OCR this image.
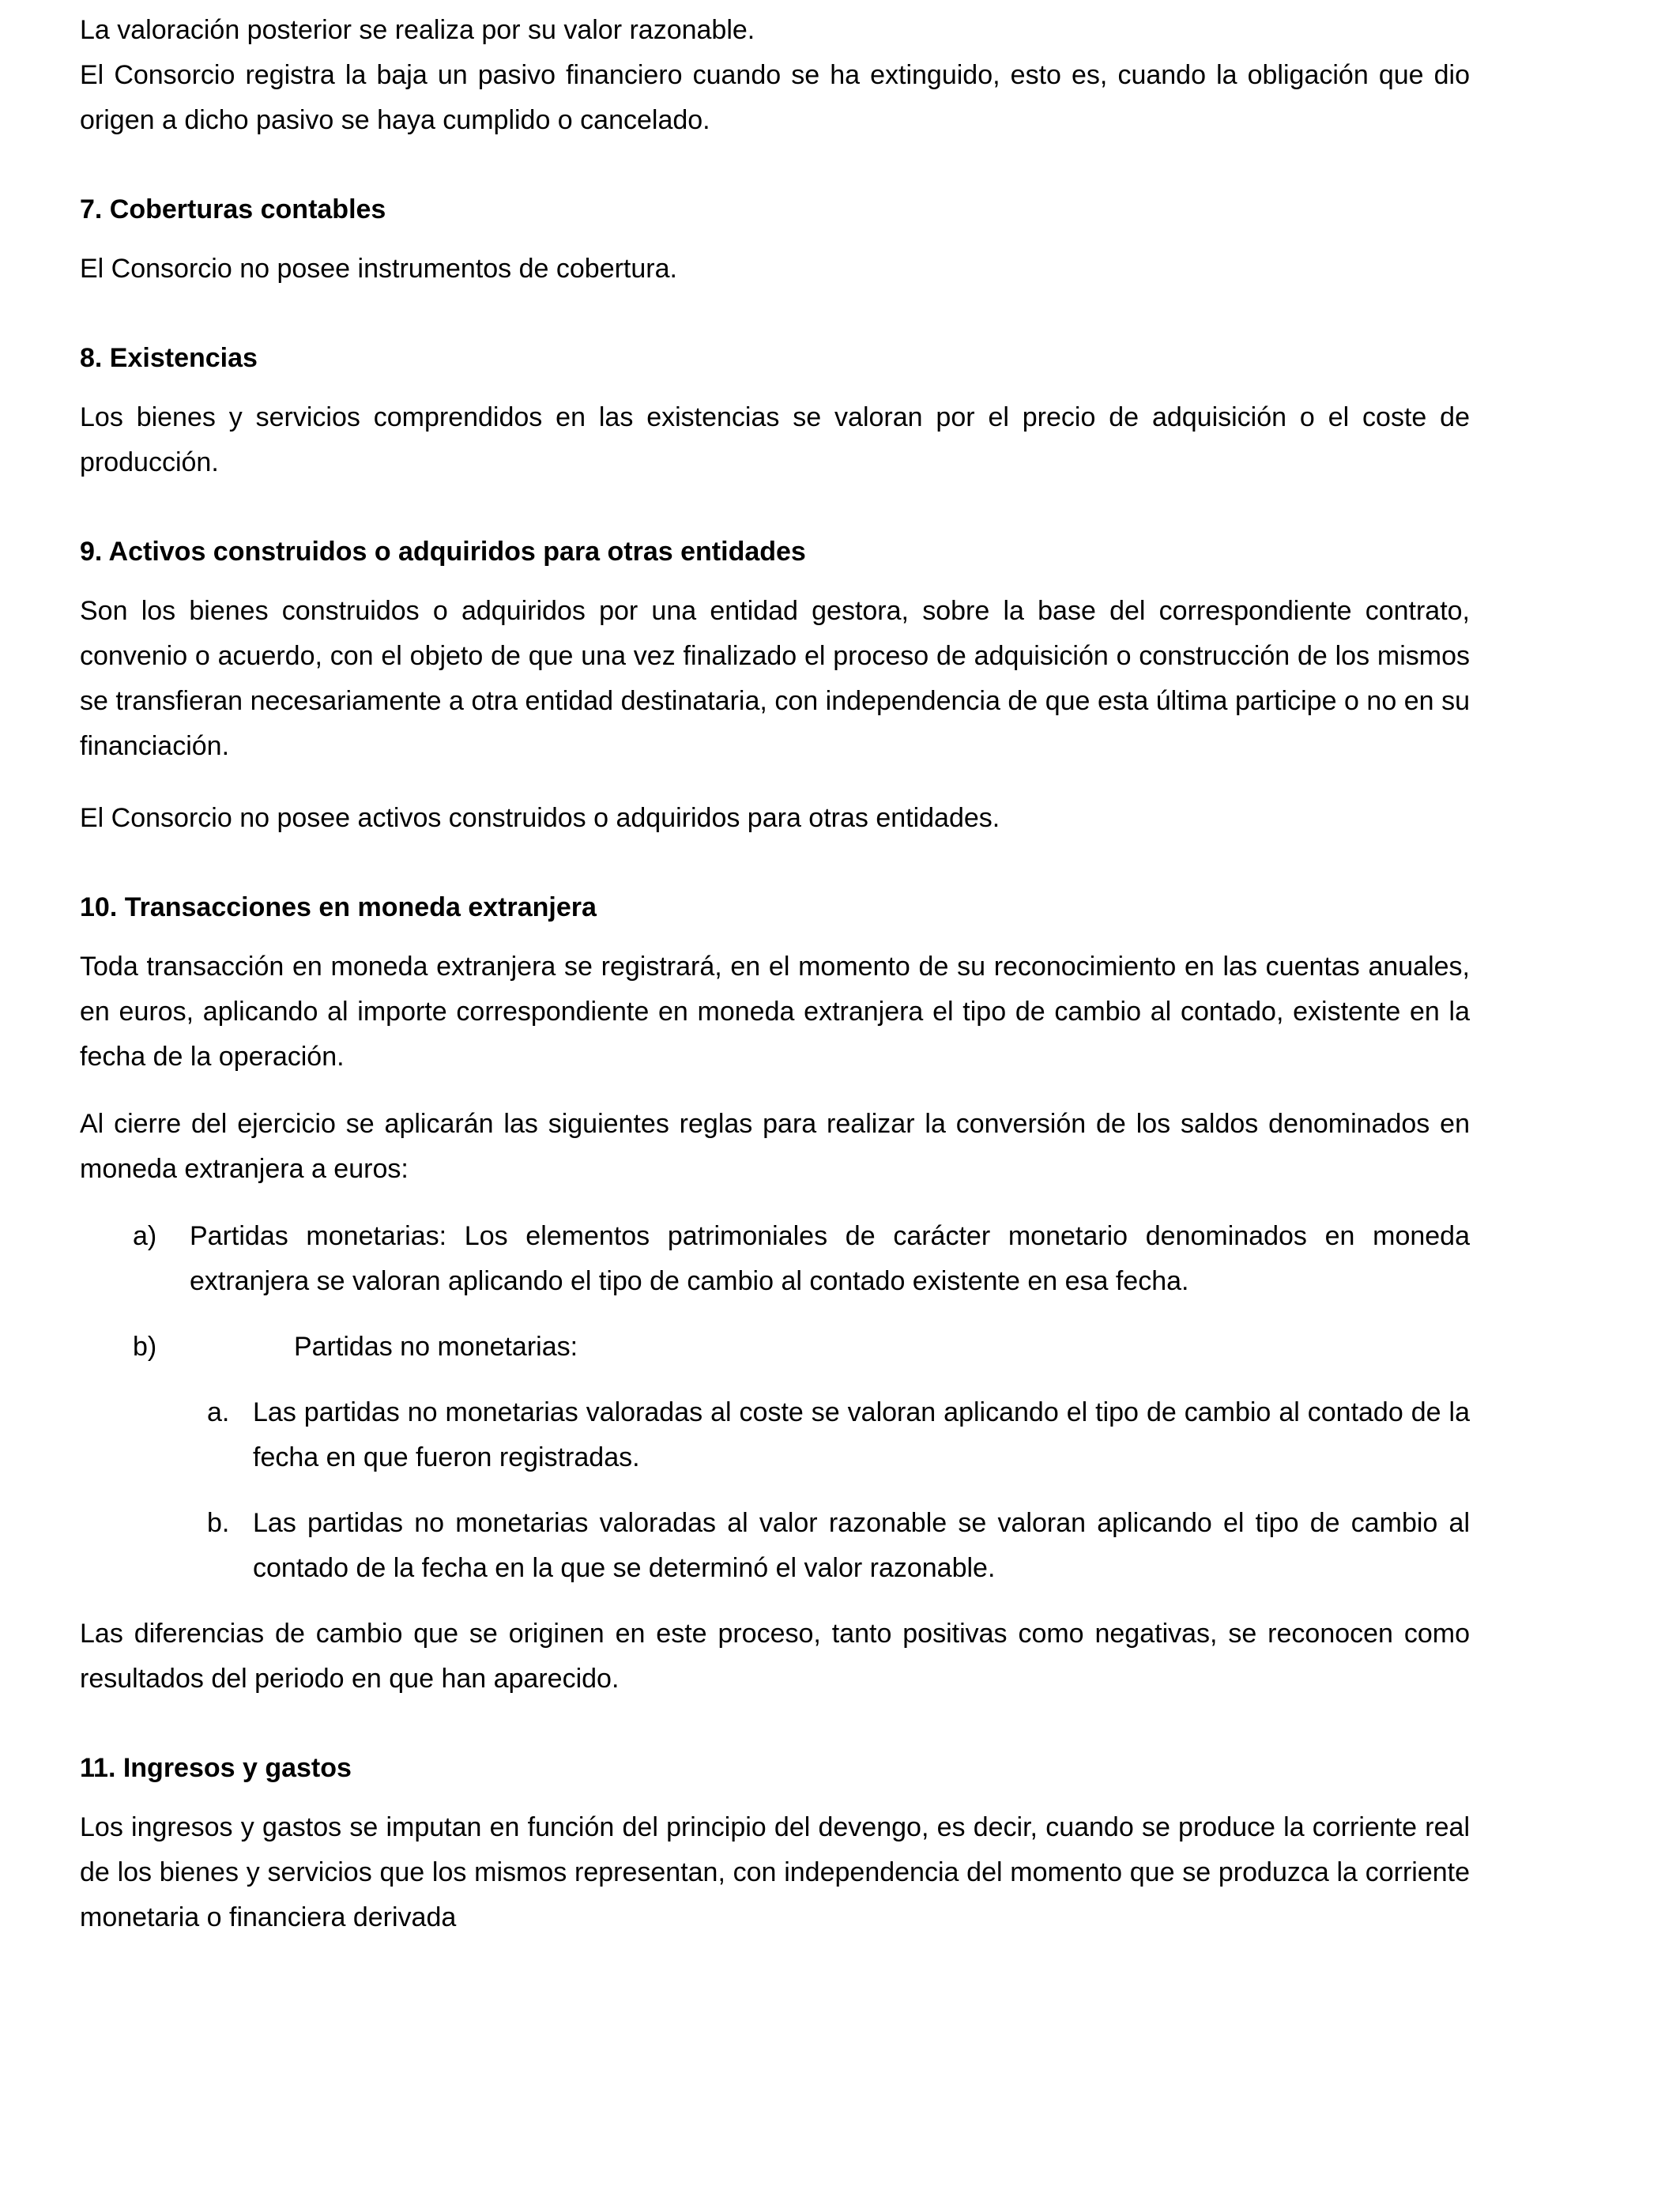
La valoración posterior se realiza por su valor razonable.

El Consorcio registra la baja un pasivo financiero cuando se ha extinguido, esto es, cuando la obligación que dio origen a dicho pasivo se haya cumplido o cancelado.

7. Coberturas contables

El Consorcio no posee instrumentos de cobertura.

8. Existencias

Los bienes y servicios comprendidos en las existencias se valoran por el precio de adquisición o el coste de producción.

9. Activos construidos o adquiridos para otras entidades

Son los bienes construidos o adquiridos por una entidad gestora, sobre la base del correspondiente contrato, convenio o acuerdo, con el objeto de que una vez finalizado el proceso de adquisición o construcción de los mismos se transfieran necesariamente a otra entidad destinataria, con independencia de que esta última participe o no en su financiación.

El Consorcio no posee activos construidos o adquiridos para otras entidades.

10. Transacciones en moneda extranjera

Toda transacción en moneda extranjera se registrará, en el momento de su reconocimiento en las cuentas anuales, en euros, aplicando al importe correspondiente en moneda extranjera el tipo de cambio al contado, existente en la fecha de la operación.

Al cierre del ejercicio se aplicarán las siguientes reglas para realizar la conversión de los saldos denominados en moneda extranjera a euros:

a)	Partidas monetarias: Los elementos patrimoniales de carácter monetario denominados en moneda extranjera se valoran aplicando el tipo de cambio al contado existente en esa fecha.
b)	Partidas no monetarias:
a. Las partidas no monetarias valoradas al coste se valoran aplicando el tipo de cambio al contado de la fecha en que fueron registradas.
b. Las partidas no monetarias valoradas al valor razonable se valoran aplicando el tipo de cambio al contado de la fecha en la que se determinó el valor razonable.

Las diferencias de cambio que se originen en este proceso, tanto positivas como negativas, se reconocen como resultados del periodo en que han aparecido.

11. Ingresos y gastos

Los ingresos y gastos se imputan en función del principio del devengo, es decir, cuando se produce la corriente real de los bienes y servicios que los mismos representan, con independencia del momento que se produzca la corriente monetaria o financiera derivada
